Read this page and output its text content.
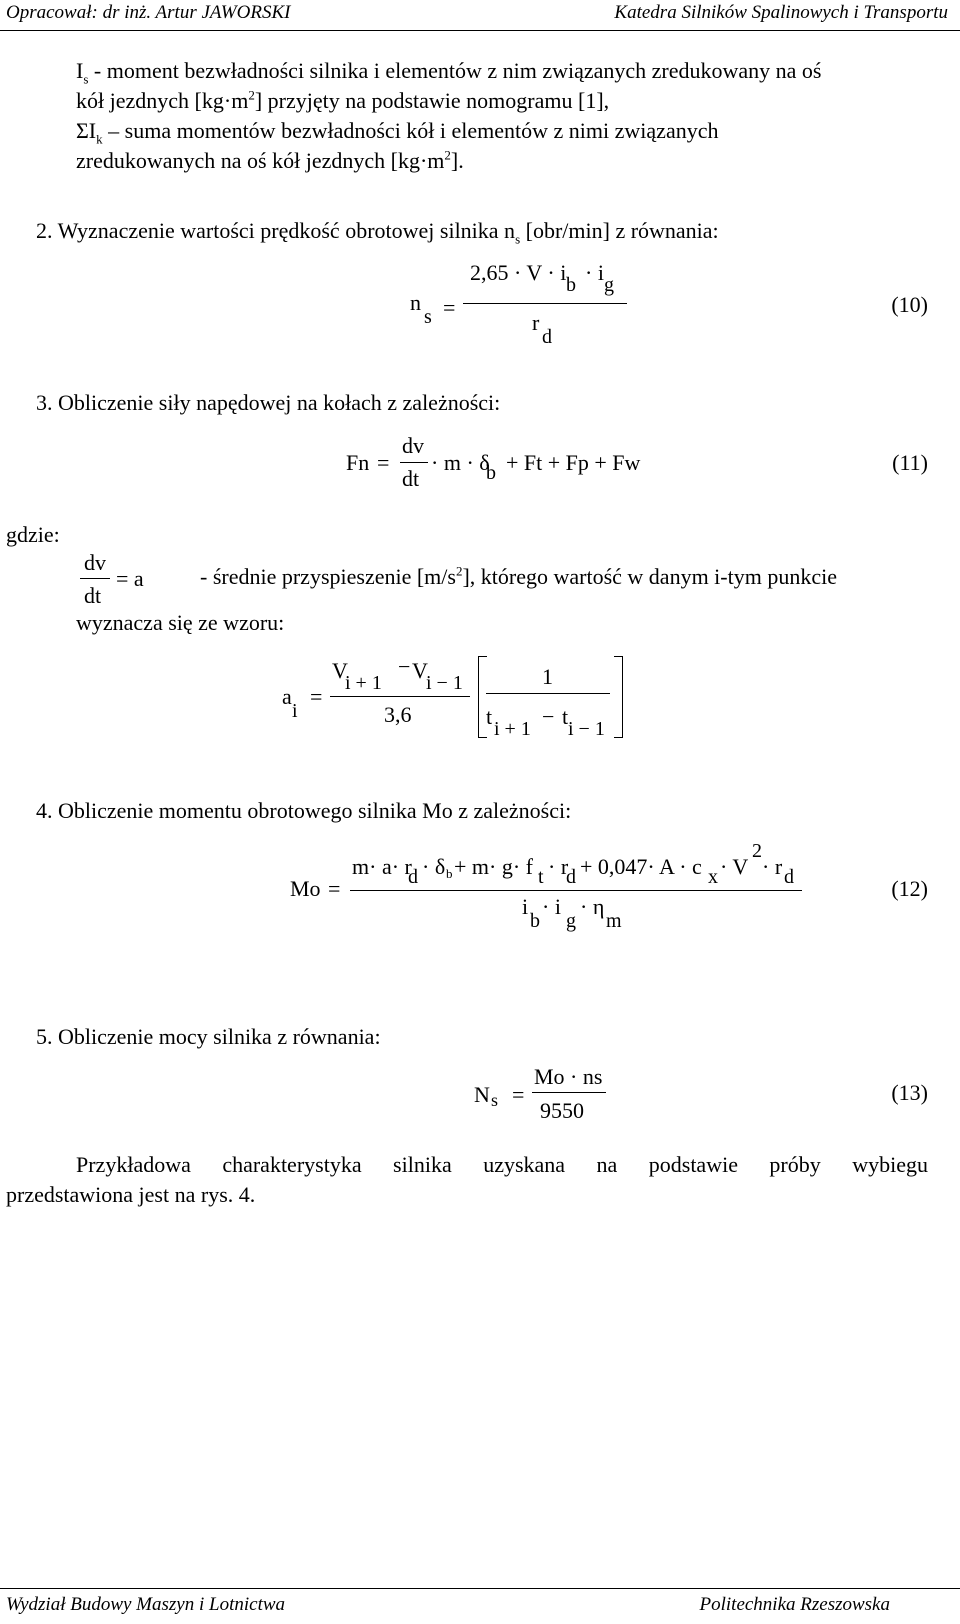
Opracował: dr inż. Artur JAWORSKI	Katedra Silników Spalinowych i Transportu
$I_s$ - moment bezwładności silnika i elementów z nim związanych zredukowany na oś
kół jezdnych $[kg\cdot m^2]$ przyjęty na podstawie nomogramu [1],
$\Sigma I_k$ – suma momentów bezwładności kół i elementów z nimi związanych
zredukowanych na oś kół jezdnych $[kg\cdot m^2]$.
2. Wyznaczenie wartości prędkość obrotowej silnika $n_s$ [obr/min] z równania:
n
s =
2,65 · V · i b · i g
r
d
(10)
3. Obliczenie siły napędowej na kołach z zależności:
Fn =
dv
dt
· m · δ
b + Ft + Fp + Fw	(11)
gdzie:
dv
dt
= a	- średnie przyspieszenie $[m/s^2]$, którego wartość w danym i-tym punkcie
wyznacza się ze wzoru:
a
i
=
V
i + 1
− V
i − 1
3,6
1
t i + 1 − t i − 1
4. Obliczenie momentu obrotowego silnika Mo z zależności:
Mo =
m· a· r
d · δ b + m· g· f t · r
d + 0,047· A · c x · V
2
· r d
i
b
· i
g
· η
m
(12)
5. Obliczenie mocy silnika z równania:
N s =
Mo · ns
9550
(13)
Przykładowa charakterystyka silnika uzyskana na podstawie próby wybiegu
przedstawiona jest na rys. 4.
Wydział Budowy Maszyn i Lotnictwa	Politechnika Rzeszowska
